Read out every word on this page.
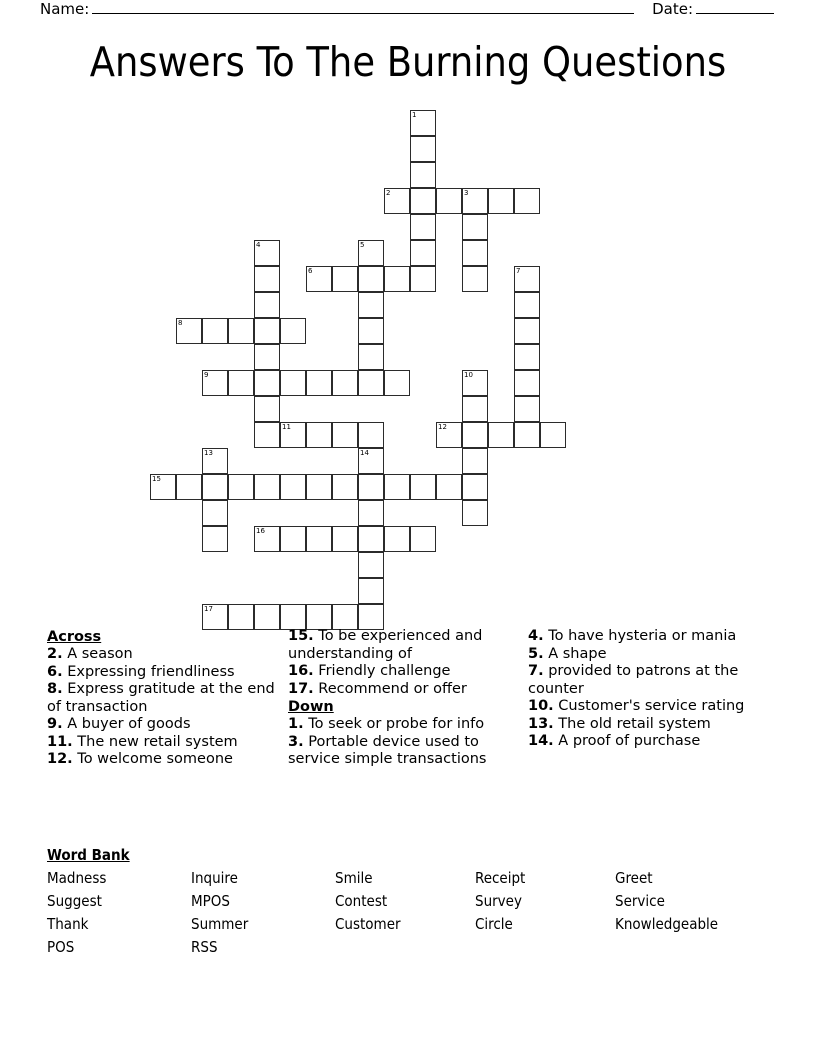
Name:	Date:
Answers To The Burning Questions
1
2	3
4	5
6	7
8
9	10
11	12
13	14
15
16
17
Across
2. A season
6. Expressing friendliness
8. Express gratitude at the end of transaction
9. A buyer of goods
11. The new retail system
12. To welcome someone
15. To be experienced and understanding of
16. Friendly challenge
17. Recommend or offer
Down
1. To seek or probe for info
3. Portable device used to service simple transactions
4. To have hysteria or mania
5. A shape
7. provided to patrons at the counter
10. Customer's service rating
13. The old retail system
14. A proof of purchase
Word Bank
Madness	Inquire	Smile	Receipt	Greet
Suggest	MPOS	Contest	Survey	Service
Thank	Summer	Customer	Circle	Knowledgeable
POS	RSS
